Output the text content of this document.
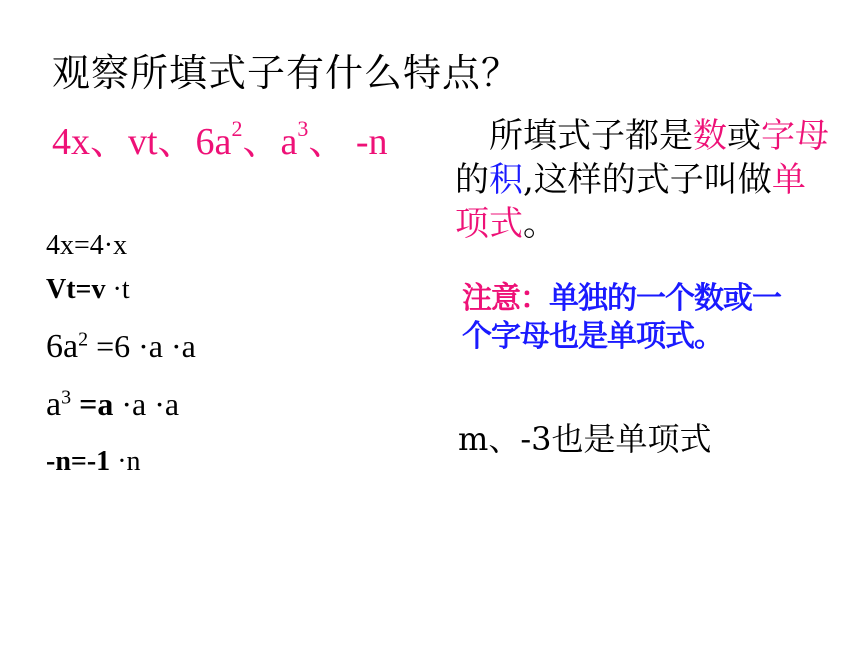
观察所填式子有什么特点？
4x、vt、$6a^2$、$a^3$、 -n
4x=4·x
Vt=v ·t
$6a^2 =6 \cdot a \cdot a$
$a^3 =a \cdot a \cdot a$
-n=-1 ·n
 所填式子都是数或字母的积,这样的式子叫做单项式。
注意：单独的一个数或一个字母也是单项式。
m、-3也是单项式
